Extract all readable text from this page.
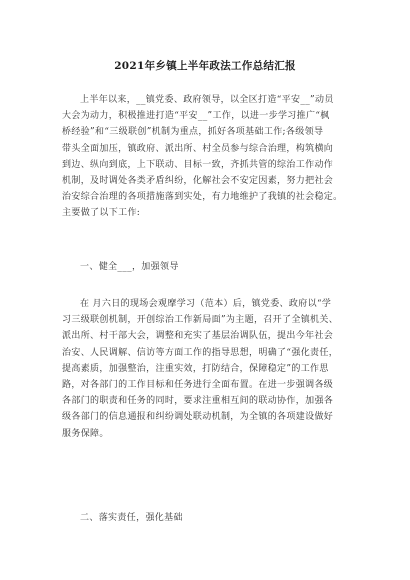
2021年乡镇上半年政法工作总结汇报
上半年以来，__镇党委、政府领导，以全区打造“平安__”动员
大会为动力，积极推进打造“平安__”工作，以进一步学习推广“枫
桥经验”和“三级联创”机制为重点，抓好各项基础工作;各级领导
带头全面加压，镇政府、派出所、村全员参与综合治理，构筑横向
到边、纵向到底，上下联动、目标一致，齐抓共管的综治工作动作
机制，及时调处各类矛盾纠纷，化解社会不安定因素，努力把社会
治安综合治理的各项措施落到实处，有力地维护了我镇的社会稳定。
主要做了以下工作:
一、健全___，加强领导
在 月六日的现场会观摩学习（范本）后，镇党委、政府以“学
习三级联创机制，开创综治工作新局面”为主题，召开了全镇机关、
派出所、村干部大会，调整和充实了基层治调队伍，提出今年社会
治安、人民调解、信访等方面工作的指导思想，明确了“强化责任，
提高素质，加强整治，注重实效，打防结合，保障稳定”的工作思
路，对各部门的工作目标和任务进行全面布置。在进一步强调各级
各部门的职责和任务的同时，要求注重相互间的联动协作，加强各
级各部门的信息通报和纠纷调处联动机制，为全镇的各项建设做好
服务保障。
二、落实责任，强化基础
